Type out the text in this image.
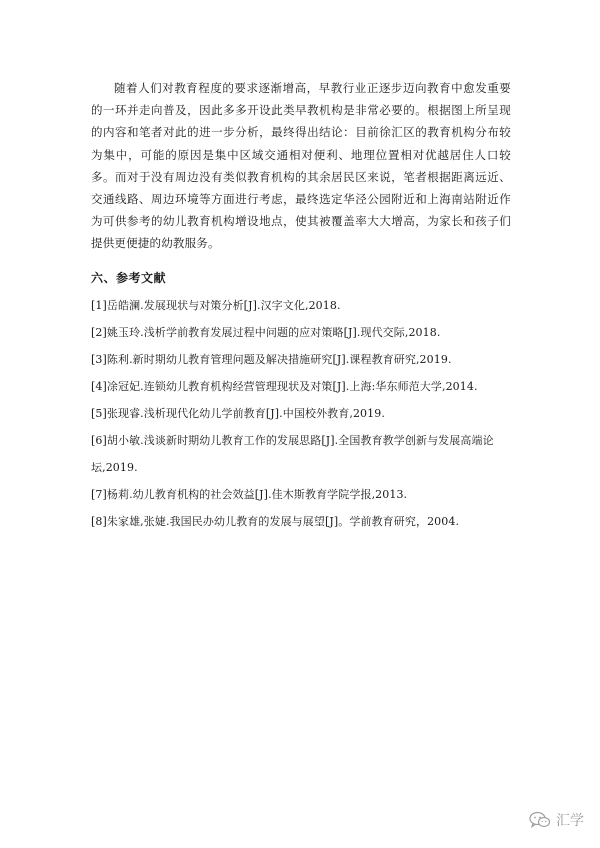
随着人们对教育程度的要求逐渐增高，早教行业正逐步迈向教育中愈发重要的一环并走向普及，因此多多开设此类早教机构是非常必要的。根据图上所呈现的内容和笔者对此的进一步分析，最终得出结论：目前徐汇区的教育机构分布较为集中，可能的原因是集中区域交通相对便利、地理位置相对优越居住人口较多。而对于没有周边没有类似教育机构的其余居民区来说，笔者根据距离远近、交通线路、周边环境等方面进行考虑，最终选定华泾公园附近和上海南站附近作为可供参考的幼儿教育机构增设地点，使其被覆盖率大大增高，为家长和孩子们提供更便捷的幼教服务。

六、参考文献
[1]岳皓澜.发展现状与对策分析[J].汉字文化,2018.
[2]姚玉玲.浅析学前教育发展过程中问题的应对策略[J].现代交际,2018.
[3]陈利.新时期幼儿教育管理问题及解决措施研究[J].课程教育研究,2019.
[4]凃冠妃.连锁幼儿教育机构经营管理现状及对策[J].上海:华东师范大学,2014.
[5]张现睿.浅析现代化幼儿学前教育[J].中国校外教育,2019.
[6]胡小敏.浅谈新时期幼儿教育工作的发展思路[J].全国教育教学创新与发展高端论坛,2019.
[7]杨莉.幼儿教育机构的社会效益[J].佳木斯教育学院学报,2013.
[8]朱家雄,张婕.我国民办幼儿教育的发展与展望[J]。学前教育研究，2004.
汇学
